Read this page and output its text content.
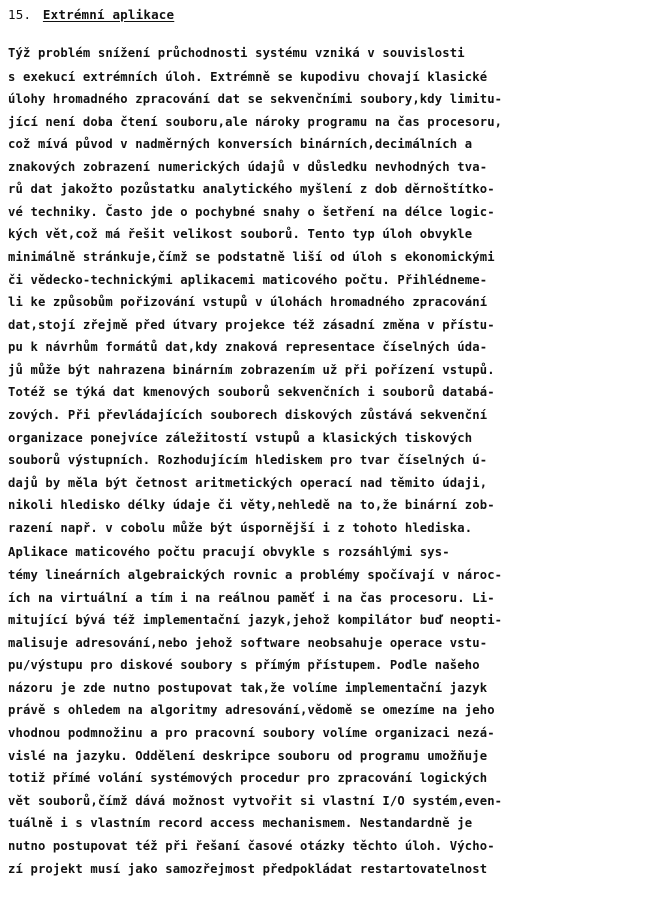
15. Extrémní aplikace
Týž problém snížení průchodnosti systému vzniká v souvislosti
s exekucí extrémních úloh. Extrémně se kupodivu chovají klasické
úlohy hromadného zpracování dat se sekvenčními soubory,kdy limitu-
jící není doba čtení souboru,ale nároky programu na čas procesoru,
což mívá původ v nadměrných konversích binárních,decimálních a
znakových zobrazení numerických údajů v důsledku nevhodných tva-
rů dat jakožto pozůstatku analytického myšlení z dob děrnoštítko-
vé techniky. Často jde o pochybné snahy o šetření na délce logic-
kých vět,což má řešit velikost souborů. Tento typ úloh obvykle
minimálně stránkuje,čímž se podstatně liší od úloh s ekonomickými
či vědecko-technickými aplikacemi maticového počtu. Přihlédneme-
li ke způsobům pořizování vstupů v úlohách hromadného zpracování
dat,stojí zřejmě před útvary projekce též zásadní změna v přístu-
pu k návrhům formátů dat,kdy znaková representace číselných úda-
jů může být nahrazena binárním zobrazením už při pořízení vstupů.
Totéž se týká dat kmenových souborů sekvenčních i souborů databá-
zových. Při převládajících souborech diskových zůstává sekvenční
organizace ponejvíce záležitostí vstupů a klasických tiskových
souborů výstupních. Rozhodujícím hlediskem pro tvar číselných ú-
dajů by měla být četnost aritmetických operací nad těmito údaji,
nikoli hledisko délky údaje či věty,nehledě na to,že binární zob-
razení např. v cobolu může být úspornější i z tohoto hlediska.
Aplikace maticového počtu pracují obvykle s rozsáhlými sys-
témy lineárních algebraických rovnic a problémy spočívají v nároc-
ích na virtuální a tím i na reálnou paměť i na čas procesoru. Li-
mitující bývá též implementační jazyk,jehož kompilátor buď neopti-
malisuje adresování,nebo jehož software neobsahuje operace vstu-
pu/výstupu pro diskové soubory s přímým přístupem. Podle našeho
názoru je zde nutno postupovat tak,že volíme implementační jazyk
právě s ohledem na algoritmy adresování,vědomě se omezíme na jeho
vhodnou podmnožinu a pro pracovní soubory volíme organizaci nezá-
vislé na jazyku. Oddělení deskripce souboru od programu umožňuje
totiž přímé volání systémových procedur pro zpracování logických
vět souborů,čímž dává možnost vytvořit si vlastní I/O systém,even-
tuálně i s vlastním record access mechanismem. Nestandardně je
nutno postupovat též při řešaní časové otázky těchto úloh. Výcho-
zí projekt musí jako samozřejmost předpokládat restartovatelnost
